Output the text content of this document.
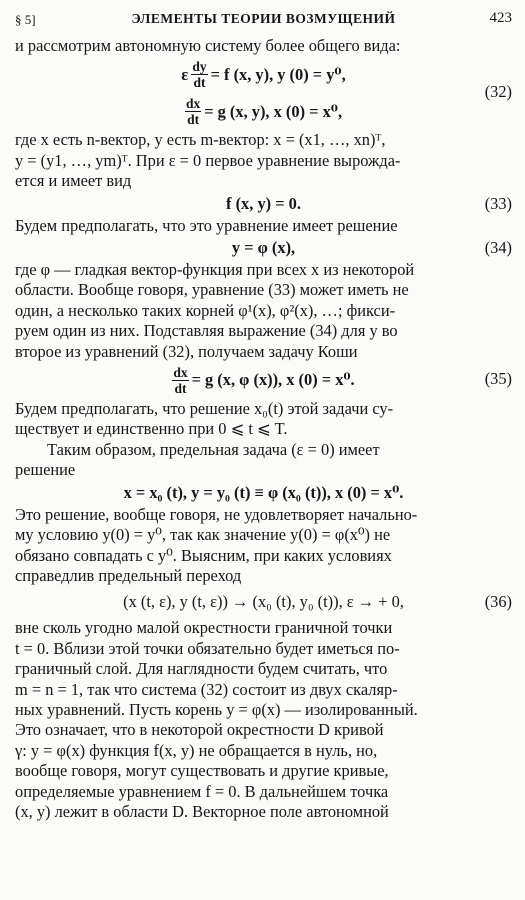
§ 5]	ЭЛЕМЕНТЫ ТЕОРИИ ВОЗМУЩЕНИЙ	423

и рассмотрим автономную систему более общего вида:

ε $\frac{dy}{dt} = f$ (x, y), y (0) = y⁰,
$\frac{dx}{dt} = g$ (x, y), x (0) = x⁰,
(32)

где x есть n-вектор, y есть m-вектор: x = (x1, …, xn)ᵀ,

y = (y1, …, ym)ᵀ. При ε = 0 первое уравнение вырожда-

ется и имеет вид

f (x, y) = 0.	(33)

Будем предполагать, что это уравнение имеет решение

y = φ (x),	(34)

где φ — гладкая вектор-функция при всех x из некоторой

области. Вообще говоря, уравнение (33) может иметь не

один, а несколько таких корней φ¹(x), φ²(x), …; фикси-

руем один из них. Подставляя выражение (34) для y во

второе из уравнений (32), получаем задачу Коши

$\frac{dx}{dt} = g$ (x, φ (x)), x (0) = x⁰.	(35)

Будем предполагать, что решение x₀(t) этой задачи су-

ществует и единственно при 0 ⩽ t ⩽ T.

Таким образом, предельная задача (ε = 0) имеет

решение

x = x₀ (t), y = y₀ (t) ≡ φ (x₀ (t)), x (0) = x⁰.

Это решение, вообще говоря, не удовлетворяет начально-

му условию y(0) = y⁰, так как значение y(0) = φ(x⁰) не

обязано совпадать с y⁰. Выясним, при каких условиях

справедлив предельный переход

(x (t, ε), y (t, ε)) → (x₀ (t), y₀ (t)), ε → + 0,	(36)

вне сколь угодно малой окрестности граничной точки

t = 0. Вблизи этой точки обязательно будет иметься по-

граничный слой. Для наглядности будем считать, что

m = n = 1, так что система (32) состоит из двух скаляр-

ных уравнений. Пусть корень y = φ(x) — изолированный.

Это означает, что в некоторой окрестности D кривой

γ: y = φ(x) функция f(x, y) не обращается в нуль, но,

вообще говоря, могут существовать и другие кривые,

определяемые уравнением f = 0. В дальнейшем точка

(x, y) лежит в области D. Векторное поле автономной
